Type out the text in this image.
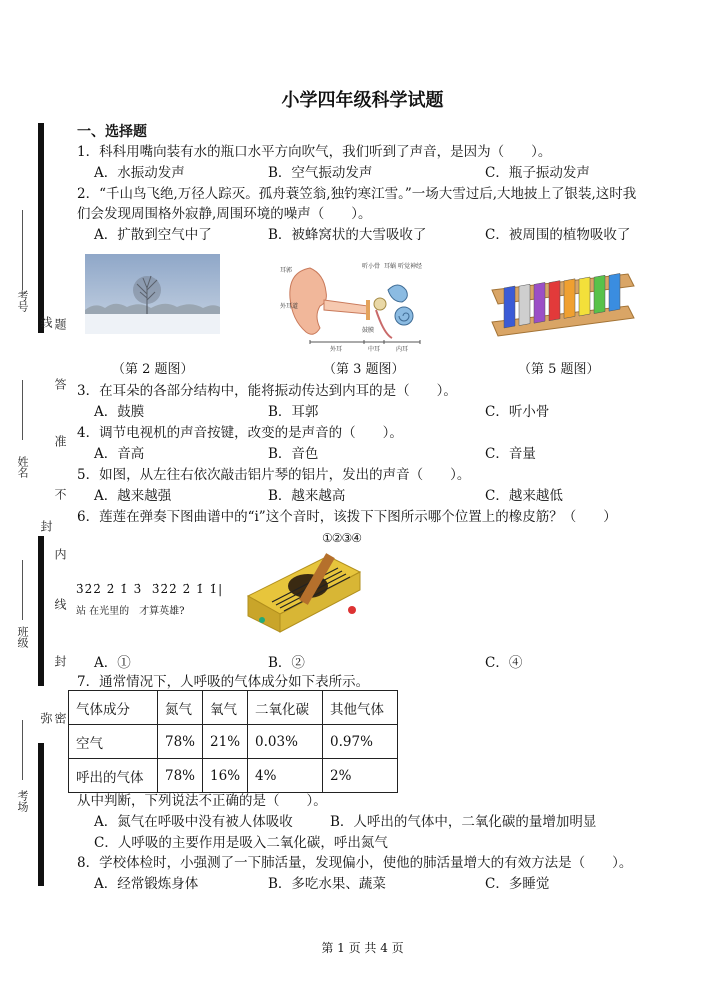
考号
姓名
班级
考场
题
线
答
准
不
内
封
线
封
密
弥
小学四年级科学试题
一、选择题
1．科科用嘴向装有水的瓶口水平方向吹气，我们听到了声音，是因为（　　）。
A．水振动发声	B．空气振动发声	C．瓶子振动发声
2．“千山鸟飞绝,万径人踪灭。孤舟蓑笠翁,独钓寒江雪。”一场大雪过后,大地披上了银装,这时我
们会发现周围格外寂静,周围环境的噪声（　　）。
A．扩散到空气中了	B．被蜂窝状的大雪吸收了	C．被周围的植物吸收了
耳郭
外耳道
听小骨 耳蜗 听觉神经
鼓膜
外耳	中耳	内耳
（第 2 题图）	（第 3 题图）	（第 5 题图）
3．在耳朵的各部分结构中，能将振动传达到内耳的是（　　）。
A．鼓膜	B．耳郭	C．听小骨
4．调节电视机的声音按键，改变的是声音的（　　）。
A．音高	B．音色	C．音量
5．如图，从左往右依次敲击铝片琴的铝片，发出的声音（　　）。
A．越来越强	B．越来越高	C．越来越低
6．莲莲在弹奏下图曲谱中的“i”这个音时，该拨下下图所示哪个位置上的橡皮筋？（　　）
3̇2̇2̇ 2̇ 1̇ 3̇ 3̇2̇2̇ 2̇ 1̇ 1̇|
站 在光里的　才算英雄?
①②③④
A．①	B．②	C．④
7．通常情况下，人呼吸的气体成分如下表所示。
气体成分	氮气	氧气	二氧化碳	其他气体
空气	78%	21%	0.03%	0.97%
呼出的气体	78%	16%	4%	2%
从中判断，下列说法不正确的是（　　）。
A．氮气在呼吸中没有被人体吸收	B．人呼出的气体中，二氧化碳的量增加明显
C．人呼吸的主要作用是吸入二氧化碳，呼出氮气
8．学校体检时，小强测了一下肺活量，发现偏小，使他的肺活量增大的有效方法是（　　）。
A．经常锻炼身体	B．多吃水果、蔬菜	C．多睡觉
第 1 页 共 4 页
